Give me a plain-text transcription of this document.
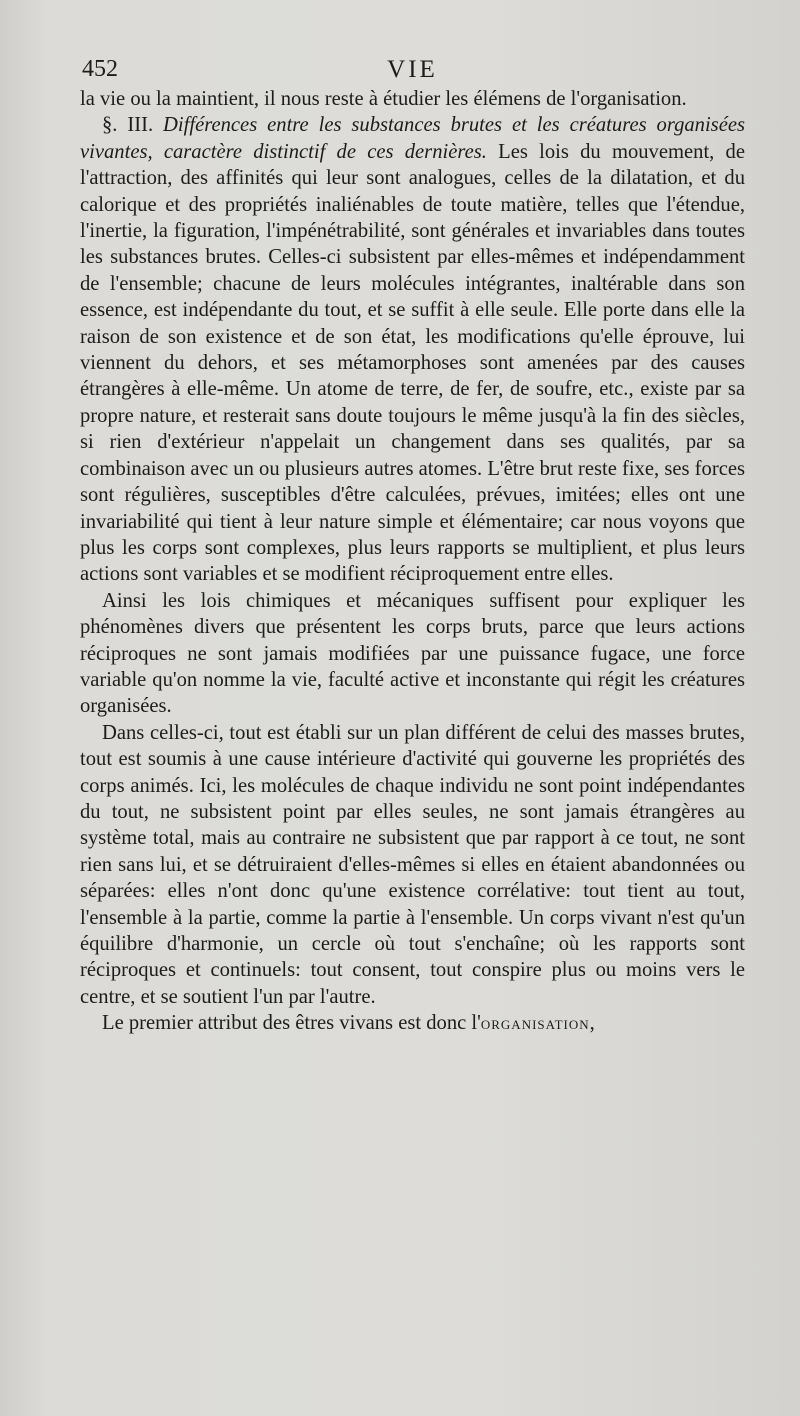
452	VIE

la vie ou la maintient, il nous reste à étudier les élémens de l'organisation.

§. III. Différences entre les substances brutes et les créatures organisées vivantes, caractère distinctif de ces dernières. Les lois du mouvement, de l'attraction, des affinités qui leur sont analogues, celles de la dilatation, et du calorique et des propriétés inaliénables de toute matière, telles que l'étendue, l'inertie, la figuration, l'impénétrabilité, sont générales et invariables dans toutes les substances brutes. Celles-ci subsistent par elles-mêmes et indépendamment de l'ensemble; chacune de leurs molécules intégrantes, inaltérable dans son essence, est indépendante du tout, et se suffit à elle seule. Elle porte dans elle la raison de son existence et de son état, les modifications qu'elle éprouve, lui viennent du dehors, et ses métamorphoses sont amenées par des causes étrangères à elle-même. Un atome de terre, de fer, de soufre, etc., existe par sa propre nature, et resterait sans doute toujours le même jusqu'à la fin des siècles, si rien d'extérieur n'appelait un changement dans ses qualités, par sa combinaison avec un ou plusieurs autres atomes. L'être brut reste fixe, ses forces sont régulières, susceptibles d'être calculées, prévues, imitées; elles ont une invariabilité qui tient à leur nature simple et élémentaire; car nous voyons que plus les corps sont complexes, plus leurs rapports se multiplient, et plus leurs actions sont variables et se modifient réciproquement entre elles.

Ainsi les lois chimiques et mécaniques suffisent pour expliquer les phénomènes divers que présentent les corps bruts, parce que leurs actions réciproques ne sont jamais modifiées par une puissance fugace, une force variable qu'on nomme la vie, faculté active et inconstante qui régit les créatures organisées.

Dans celles-ci, tout est établi sur un plan différent de celui des masses brutes, tout est soumis à une cause intérieure d'activité qui gouverne les propriétés des corps animés. Ici, les molécules de chaque individu ne sont point indépendantes du tout, ne subsistent point par elles seules, ne sont jamais étrangères au système total, mais au contraire ne subsistent que par rapport à ce tout, ne sont rien sans lui, et se détruiraient d'elles-mêmes si elles en étaient abandonnées ou séparées: elles n'ont donc qu'une existence corrélative: tout tient au tout, l'ensemble à la partie, comme la partie à l'ensemble. Un corps vivant n'est qu'un équilibre d'harmonie, un cercle où tout s'enchaîne; où les rapports sont réciproques et continuels: tout consent, tout conspire plus ou moins vers le centre, et se soutient l'un par l'autre.

Le premier attribut des êtres vivans est donc l'organisation,
